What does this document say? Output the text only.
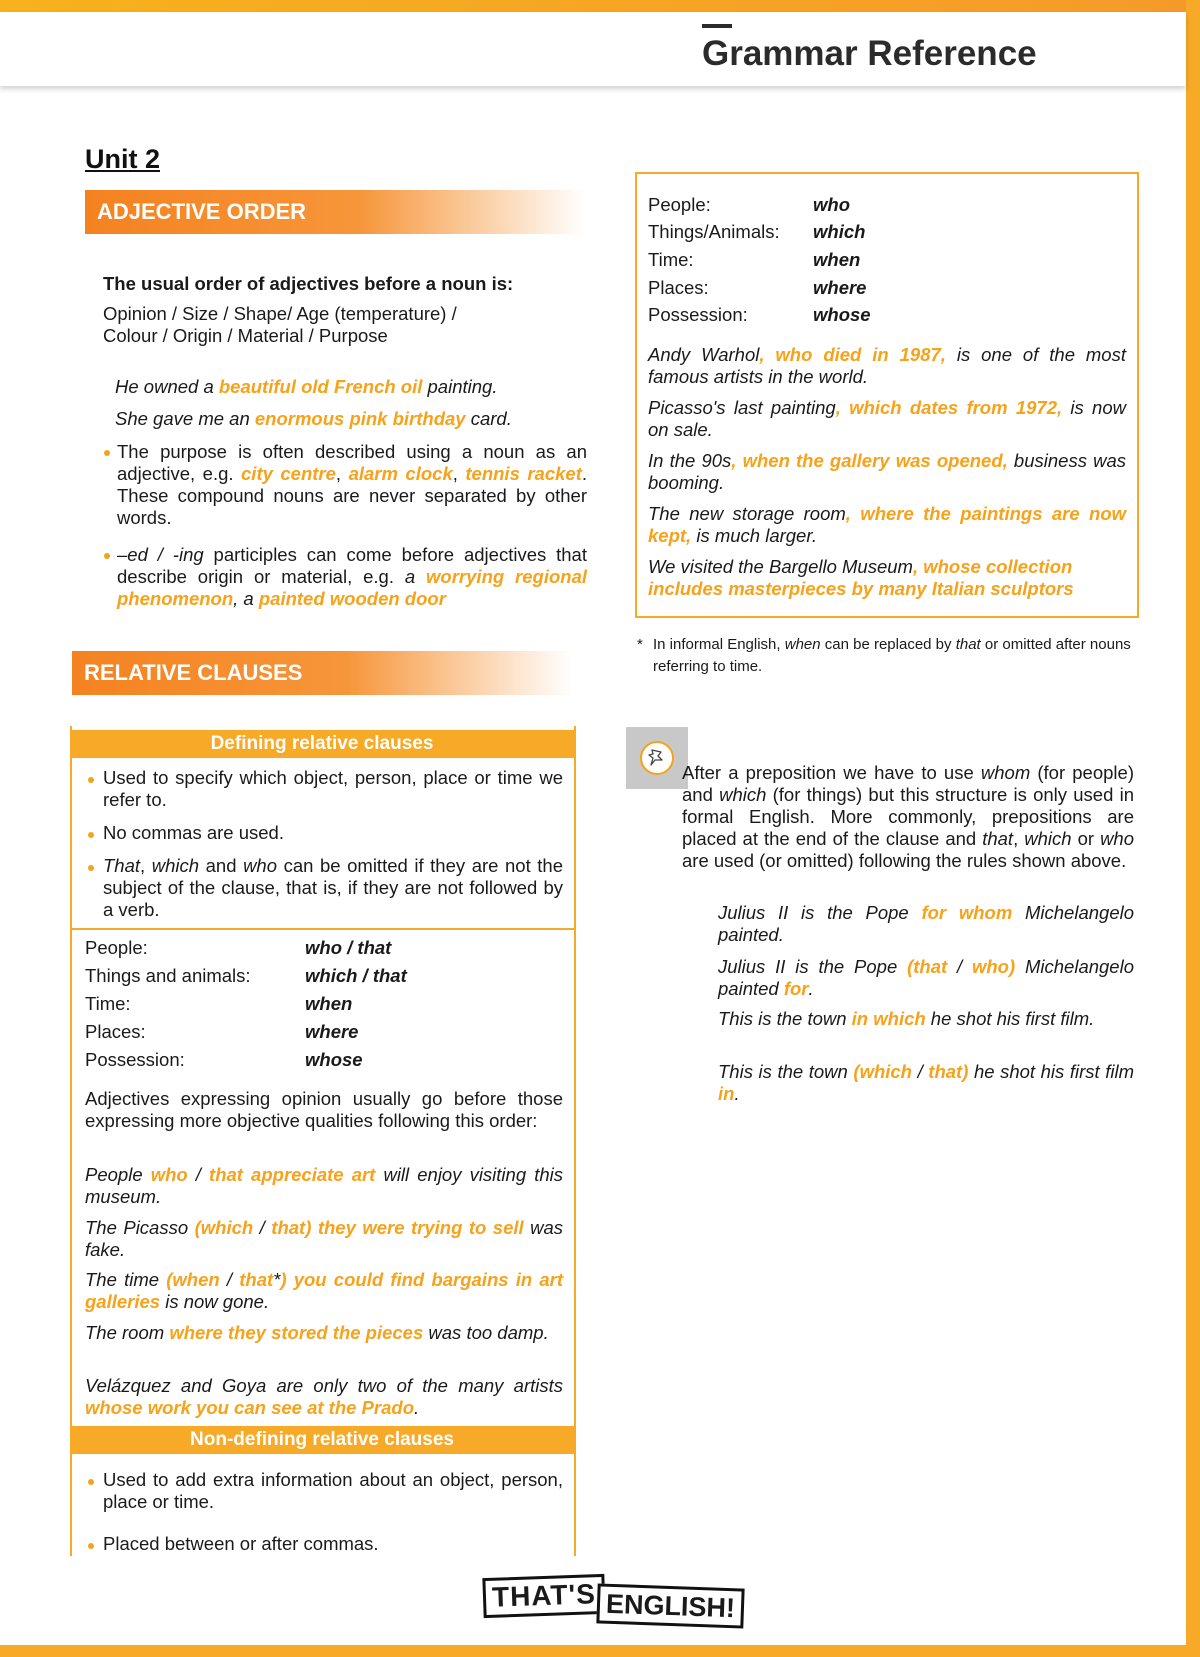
Grammar Reference
Unit 2
ADJECTIVE ORDER
The usual order of adjectives before a noun is:
Opinion / Size / Shape/ Age (temperature) /
Colour / Origin / Material / Purpose
He owned a beautiful old French oil painting.
She gave me an enormous pink birthday card.
The purpose is often described using a noun as an adjective, e.g. city centre, alarm clock, tennis racket. These compound nouns are never separated by other words.
–ed / -ing participles can come before adjectives that describe origin or material, e.g. a worrying regional phenomenon, a painted wooden door
RELATIVE CLAUSES
Defining relative clauses
Used to specify which object, person, place or time we refer to.
No commas are used.
That, which and who can be omitted if they are not the subject of the clause, that is, if they are not followed by a verb.
People:	who / that
Things and animals:	which / that
Time:	when
Places:	where
Possession:	whose
Adjectives expressing opinion usually go before those expressing more objective qualities following this order:
People who / that appreciate art will enjoy visiting this museum.
The Picasso (which / that) they were trying to sell was fake.
The time (when / that*) you could find bargains in art galleries is now gone.
The room where they stored the pieces was too damp.
Velázquez and Goya are only two of the many artists whose work you can see at the Prado.
Non-defining relative clauses
Used to add extra information about an object, person, place or time.
Placed between or after commas.
People:	who
Things/Animals: which
Time:	when
Places:	where
Possession:	whose
Andy Warhol, who died in 1987, is one of the most famous artists in the world.
Picasso's last painting, which dates from 1972, is now on sale.
In the 90s, when the gallery was opened, business was booming.
The new storage room, where the paintings are now kept, is much larger.
We visited the Bargello Museum, whose collection includes masterpieces by many Italian sculptors
* In informal English, when can be replaced by that or omitted after nouns referring to time.
After a preposition we have to use whom (for people) and which (for things) but this structure is only used in formal English. More commonly, prepositions are placed at the end of the clause and that, which or who are used (or omitted) following the rules shown above.
Julius II is the Pope for whom Michelangelo painted.
Julius II is the Pope (that / who) Michelangelo painted for.
This is the town in which he shot his first film.
This is the town (which / that) he shot his first film in.
THAT'S ENGLISH!
